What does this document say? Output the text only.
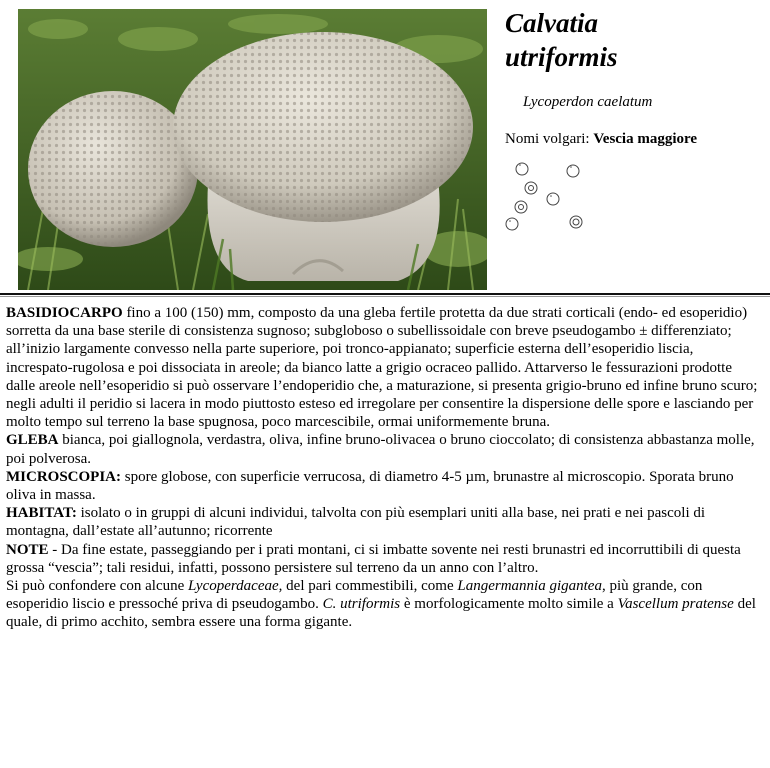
Calvatia
utriformis
Lycoperdon caelatum
Nomi volgari: Vescia maggiore

BASIDIOCARPO fino a 100 (150) mm, composto da una gleba fertile protetta da due strati corticali (endo- ed esoperidio) sorretta da una base sterile di consistenza sugnoso; subgloboso o subellissoidale con breve pseudogambo ± differenziato; all’inizio largamente convesso nella parte superiore, poi tronco-appianato; superficie esterna dell’esoperidio liscia, increspato-rugolosa e poi dissociata in areole; da bianco latte a grigio ocraceo pallido. Attarverso le fessurazioni prodotte dalle areole nell’esoperidio si può osservare l’endoperidio che, a maturazione, si presenta grigio-bruno ed infine bruno scuro; negli adulti il peridio si lacera in modo piuttosto esteso ed irregolare per consentire la dispersione delle spore e lasciando per molto tempo sul terreno la base spugnosa, poco marcescibile, ormai uniformemente bruna.

GLEBA bianca, poi giallognola, verdastra, oliva, infine bruno-olivacea o bruno cioccolato; di consistenza abbastanza molle, poi polverosa.

MICROSCOPIA: spore globose, con superficie verrucosa, di diametro 4-5 µm, brunastre al microscopio. Sporata bruno oliva in massa.

HABITAT: isolato o in gruppi di alcuni individui, talvolta con più esemplari uniti alla base, nei prati e nei pascoli di montagna, dall’estate all’autunno; ricorrente

NOTE - Da fine estate, passeggiando per i prati montani, ci si imbatte sovente nei resti brunastri ed incorruttibili di questa grossa “vescia”; tali residui, infatti, possono persistere sul terreno da un anno con l’altro.

Si può confondere con alcune Lycoperdaceae, del pari commestibili, come Langermannia gigantea, più grande, con esoperidio liscio e pressoché priva di pseudogambo. C. utriformis è morfologicamente molto simile a Vascellum pratense del quale, di primo acchito, sembra essere una forma gigante.
